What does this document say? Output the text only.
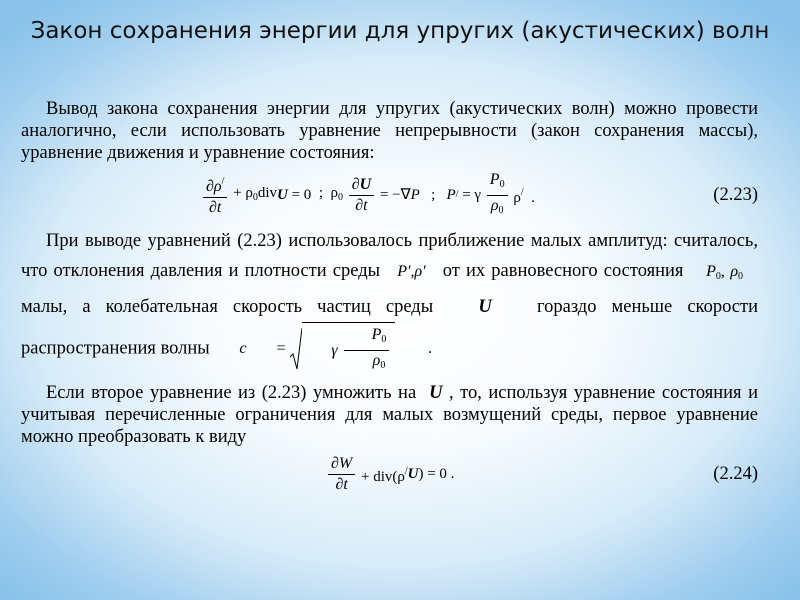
Закон сохранения энергии для упругих (акустических) волн

Вывод закона сохранения энергии для упругих (акустических волн) можно провести аналогично, если использовать уравнение непрерывности (закон сохранения массы), уравнение движения и уравнение состояния:

$\frac{\partial\rho^/}{\partial t} + \rho_0div$ U = 0 ;  $\rho_0 \frac{\partial U}{\partial t}$ = −∇ P ; P / = γ $\frac{P_0}{\rho_0} \rho^/$  .	(2.23)

При выводе уравнений (2.23) использовалось приближение малых амплитуд: считалось, что отклонения давления и плотности среды P′,ρ′   от их равновесного состояния $P_0$, $\rho_0$    малы, а колебательная скорость частиц среды   U   гораздо меньше скорости распространения волны	c =	γ $\frac{P_0}{\rho_0}$ .

Если второе уравнение из (2.23) умножить на  U , то, используя уравнение состояния и учитывая перечисленные ограничения для малых возмущений среды, первое уравнение можно преобразовать к виду

$\frac{\partial W}{\partial t} + div(\rho^/$ U ) = 0 .	(2.24)
